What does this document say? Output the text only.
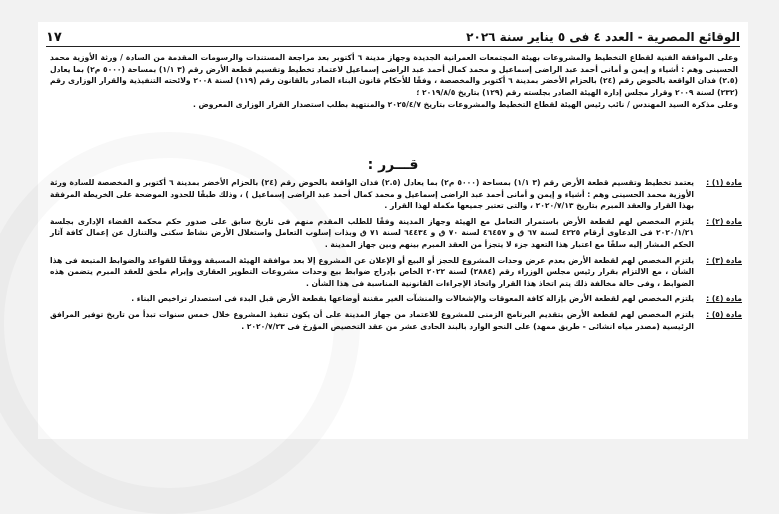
الوقائع المصرية - العدد ٤ فى ٥ يناير سنة ٢٠٢٦
١٧

وعلى الموافقة الفنية لقطاع التخطيط والمشروعات بهيئة المجتمعات العمرانية الجديدة وجهاز مدينة ٦ أكتوبر بعد مراجعة المستندات والرسومات المقدمة من السادة / ورثة الأوزية محمد الحسينى وهم : أشياء و إيمن و أمانى أحمد عبد الراضى إسماعيل و محمد كمال أحمد عبد الراضى إسماعيل لاعتماد تخطيط وتقسيم قطعة الأرض رقم (٣ ١/١) بمساحة (٥٠٠٠ م٢) بما يعادل (٢.٥) فدان الواقعة بالحوض رقم (٢٤) بالحزام الأخضر بمدينة ٦ أكتوبر والمخصصة ، وفقًا للأحكام قانون البناء الصادر بالقانون رقم (١١٩) لسنة ٢٠٠٨ ولائحته التنفيذية والقرار الوزارى رقم (٢٣٢) لسنة ٢٠٠٩ وقرار مجلس إدارة الهيئة الصادر بجلسته رقم (١٢٩) بتاريخ ٢٠١٩/٨/٥ ؛

وعلى مذكرة السيد المهندس / نائب رئيس الهيئة لقطاع التخطيط والمشروعات بتاريخ ٢٠٢٥/٤/٧ والمنتهية بطلب استصدار القرار الوزارى المعروض .

قـــرر :
مادة (١) :
يعتمد تخطيط وتقسيم قطعة الأرض رقم (٣ ١/١) بمساحة (٥٠٠٠ م٢) بما يعادل (٢.٥) فدان الواقعة بالحوض رقم (٢٤) بالحزام الأخضر بمدينة ٦ أكتوبر و المخصصة للسادة ورثة الأوزية محمد الحسينى وهم : أشياء و إيمن و أمانى أحمد عبد الراضى إسماعيل و محمد كمال أحمد عبد الراضى إسماعيل ) ، وذلك طبقًا للحدود الموضحة على الخريطة المرفقة بهذا القرار والعقد المبرم بتاريخ ٢٠٢٠/٧/١٣ ، والتى تعتبر جميعها مكملة لهذا القرار .
مادة (٢) :
يلتزم المخصص لهم لقطعة الأرض باستمرار التعامل مع الهيئة وجهاز المدينة وفقًا للطلب المقدم منهم فى تاريخ سابق على صدور حكم محكمة القضاء الإدارى بجلسة ٢٠٢٠/١/٢١ فى الدعاوى أرقام ٤٢٢٥ لسنة ٦٧ ق و ٤٦٤٥٧ لسنة ٧٠ ق و ٦٤٤٣٤ لسنة ٧١ ق وبذات إسلوب التعامل واستغلال الأرض نشاط سكنى والتنازل عن إعمال كافة آثار الحكم المشار إليه سلفًا مع اعتبار هذا التعهد جزء لا يتجزأ من العقد المبرم بينهم وبين جهاز المدينة .
مادة (٣) :
يلتزم المخصص لهم لقطعة الأرض بعدم عرض وحدات المشروع للحجز أو البيع أو الإعلان عن المشروع إلا بعد موافقة الهيئة المسبقة ووفقًا للقواعد والضوابط المتبعة فى هذا الشأن ، مع الالتزام بقرار رئيس مجلس الوزراء رقم (٢٨٨٤) لسنة ٢٠٢٢ الخاص بإدراج ضوابط بيع وحدات مشروعات التطوير العقارى وإبرام ملحق للعقد المبرم يتضمن هذه الضوابط ، وفى حالة مخالفة ذلك يتم اتخاذ هذا القرار واتخاذ الإجراءات القانونية المناسبة فى هذا الشأن .
مادة (٤) :
يلتزم المخصص لهم لقطعة الأرض بإزالة كافة المعوقات والإشغالات والمنشآت الغير مقننة أوضاعها بقطعة الأرض قبل البدء فى استصدار تراخيص البناء .
مادة (٥) :
يلتزم المخصص لهم لقطعة الأرض بتقديم البرنامج الزمنى للمشروع للاعتماد من جهاز المدينة على أن يكون تنفيذ المشروع خلال خمس سنوات تبدأ من تاريخ توفير المرافق الرئيسية (مصدر مياه انشائى - طريق ممهد) على النحو الوارد بالبند الحادى عشر من عقد التخصيص المؤرخ فى ٢٠٢٠/٧/٢٣ .
